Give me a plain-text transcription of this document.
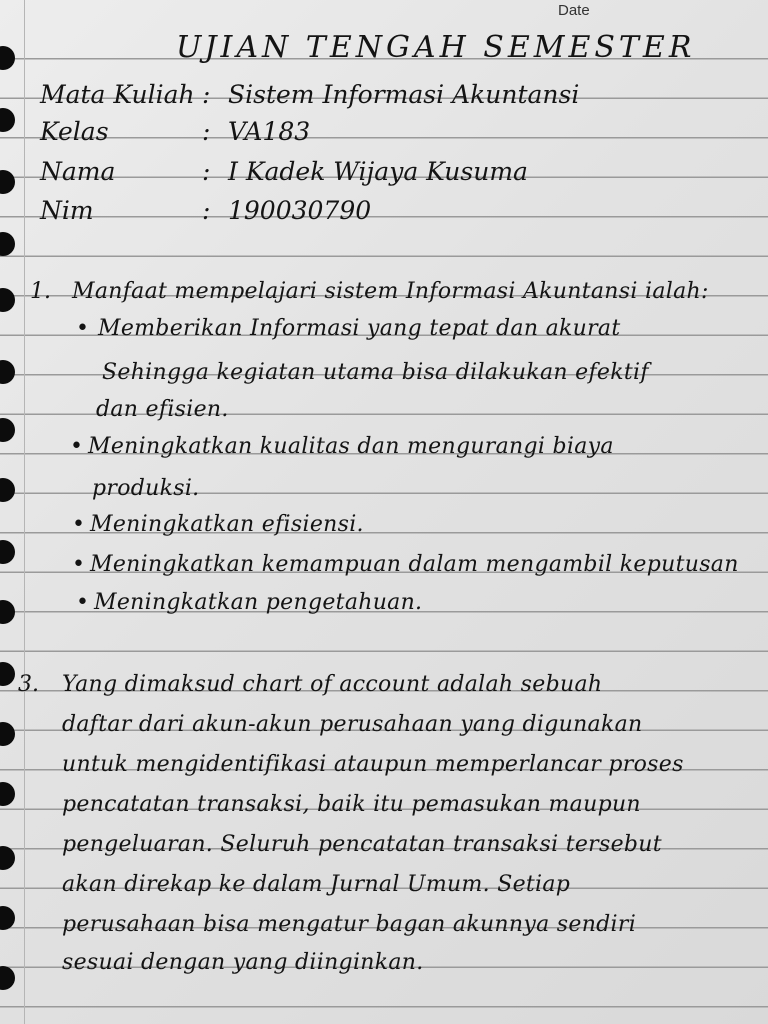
Date
UJIAN TENGAH SEMESTER
Mata Kuliah : Sistem Informasi Akuntansi
Kelas	: VA183
Nama	: I Kadek Wijaya Kusuma
Nim	: 190030790
1. Manfaat mempelajari sistem Informasi Akuntansi ialah:
• Memberikan Informasi yang tepat dan akurat
Sehingga kegiatan utama bisa dilakukan efektif
dan efisien.
• Meningkatkan kualitas dan mengurangi biaya
produksi.
• Meningkatkan efisiensi.
• Meningkatkan kemampuan dalam mengambil keputusan
• Meningkatkan pengetahuan.
3. Yang dimaksud chart of account adalah sebuah
daftar dari akun-akun perusahaan yang digunakan
untuk mengidentifikasi ataupun memperlancar proses
pencatatan transaksi, baik itu pemasukan maupun
pengeluaran. Seluruh pencatatan transaksi tersebut
akan direkap ke dalam Jurnal Umum. Setiap
perusahaan bisa mengatur bagan akunnya sendiri
sesuai dengan yang diinginkan.
